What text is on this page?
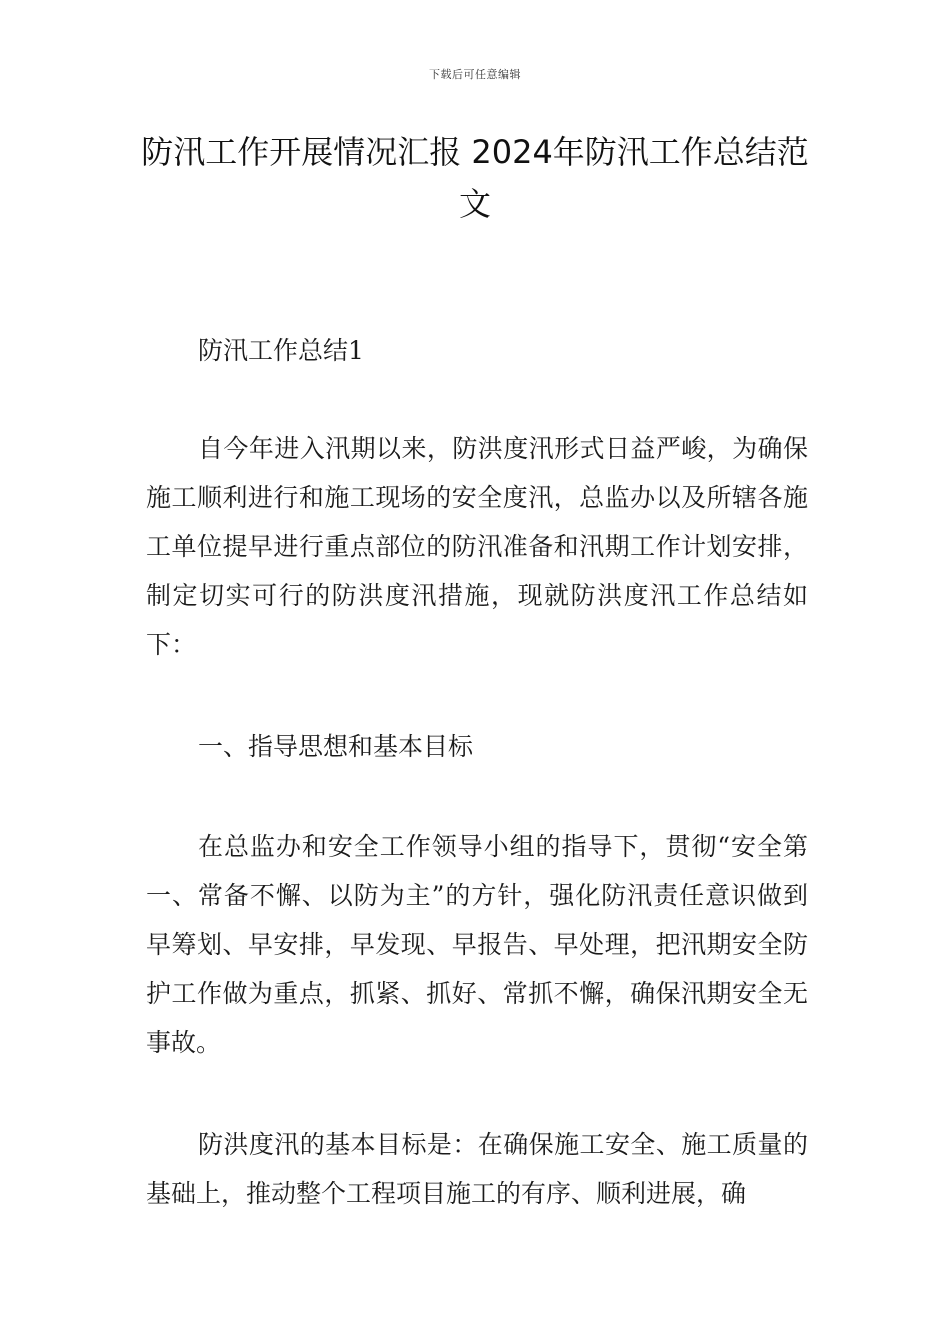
下载后可任意编辑
防汛工作开展情况汇报 2024年防汛工作总结范文

防汛工作总结1

自今年进入汛期以来，防洪度汛形式日益严峻，为确保施工顺利进行和施工现场的安全度汛，总监办以及所辖各施工单位提早进行重点部位的防汛准备和汛期工作计划安排，制定切实可行的防洪度汛措施，现就防洪度汛工作总结如下：

一、指导思想和基本目标

在总监办和安全工作领导小组的指导下，贯彻“安全第一、常备不懈、以防为主”的方针，强化防汛责任意识做到早筹划、早安排，早发现、早报告、早处理，把汛期安全防护工作做为重点，抓紧、抓好、常抓不懈，确保汛期安全无事故。

防洪度汛的基本目标是：在确保施工安全、施工质量的基础上，推动整个工程项目施工的有序、顺利进展，确
